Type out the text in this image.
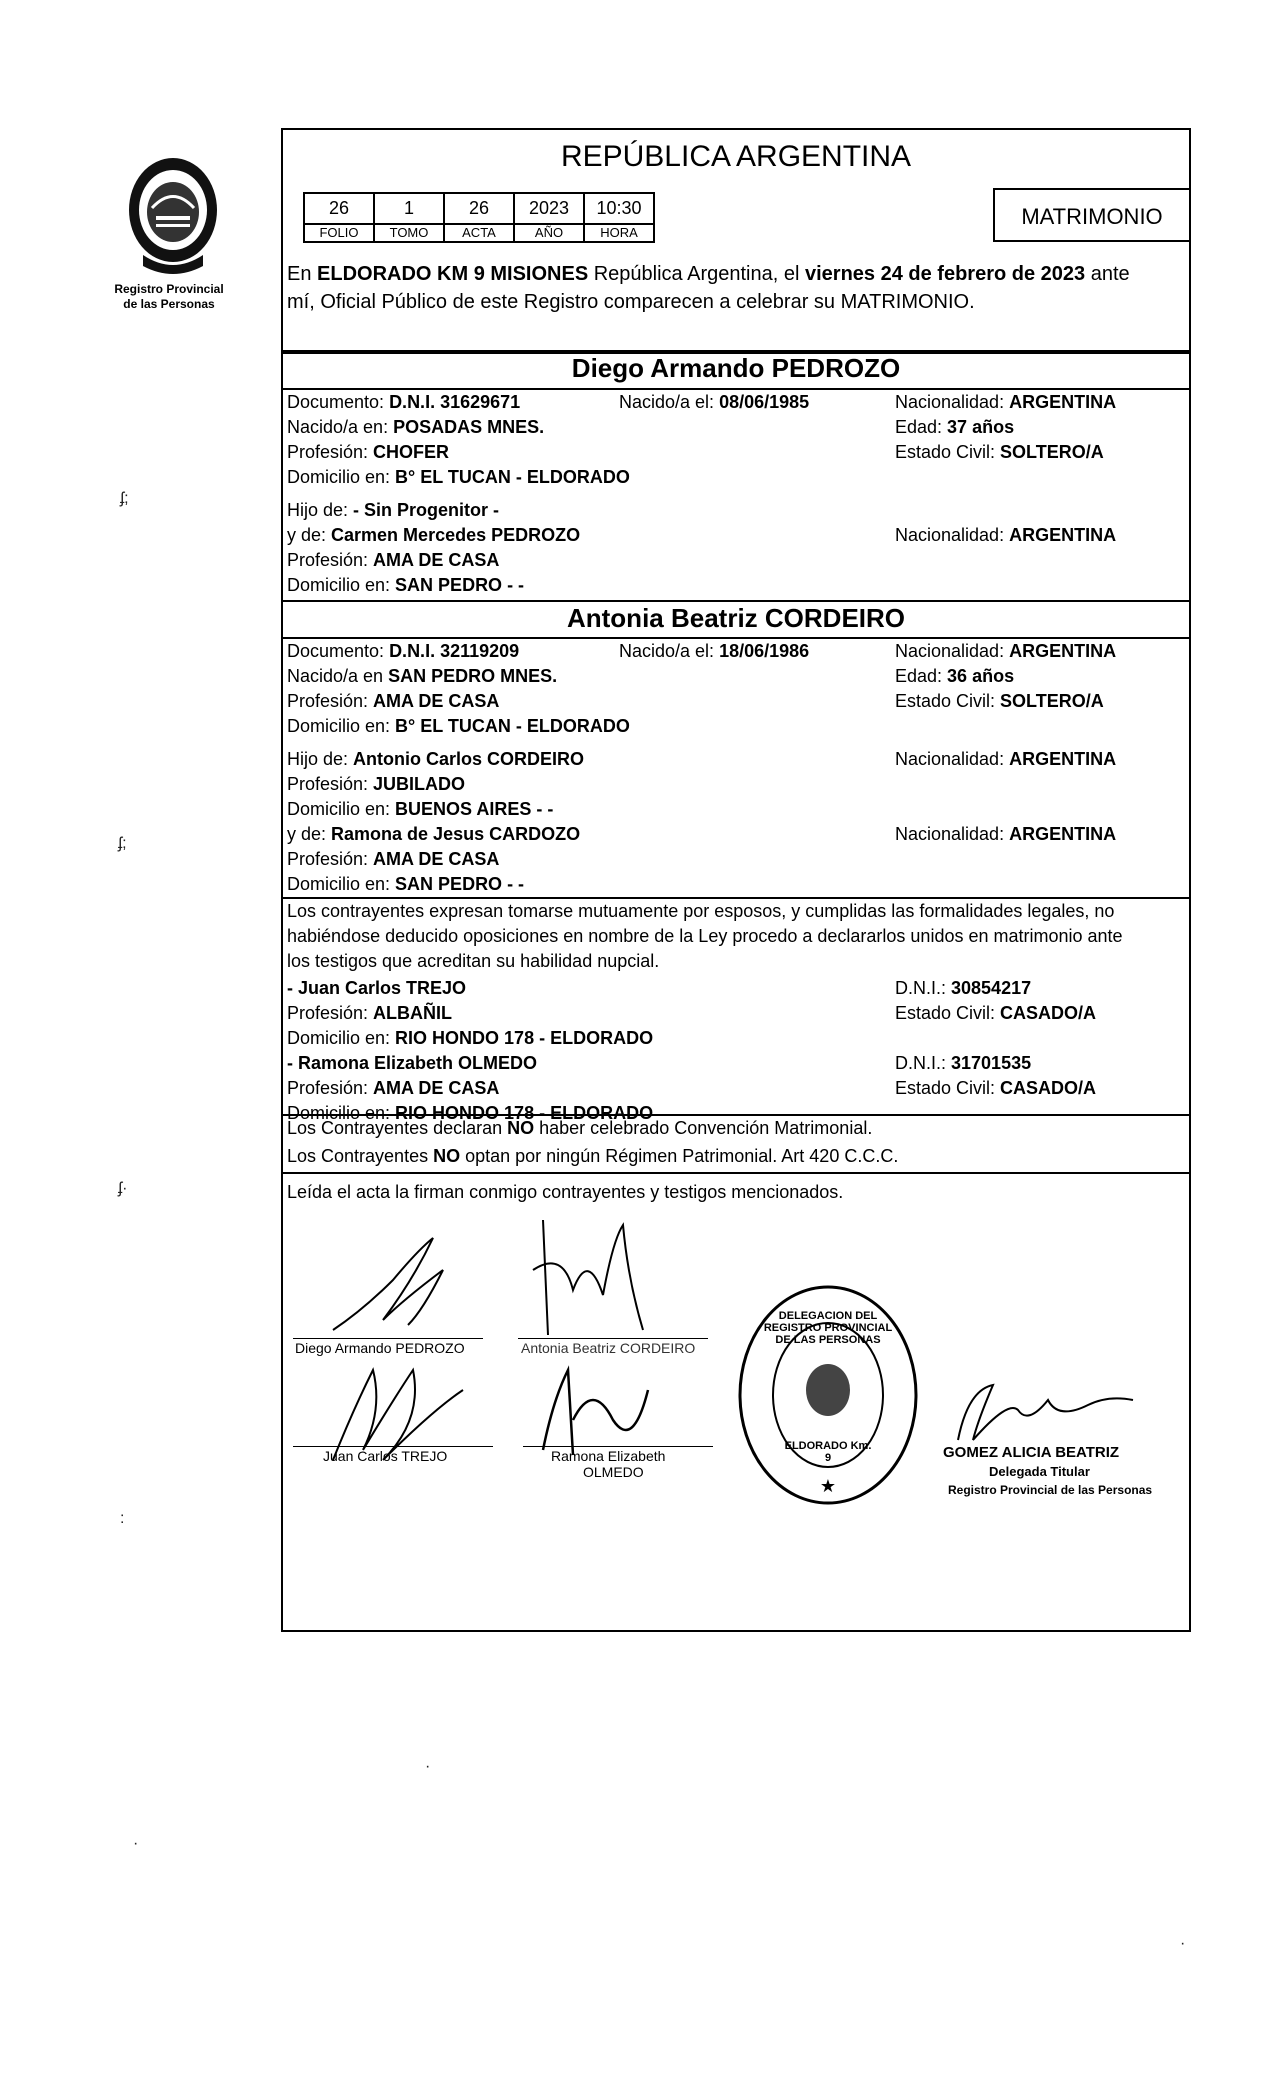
Registro Provincial
de las Personas
ʄ;
ʄ;
ʄ·
:
REPÚBLICA ARGENTINA
26	1	26	2023	10:30
FOLIO	TOMO	ACTA	AÑO	HORA
MATRIMONIO
En ELDORADO KM 9 MISIONES República Argentina, el viernes 24 de febrero de 2023 ante
mí, Oficial Público de este Registro comparecen a celebrar su MATRIMONIO.
Diego Armando PEDROZO
Documento: D.N.I. 31629671	Nacido/a el: 08/06/1985	Nacionalidad: ARGENTINA
Nacido/a en: POSADAS MNES.	Edad: 37 años
Profesión: CHOFER	Estado Civil: SOLTERO/A
Domicilio en: B° EL TUCAN - ELDORADO
Hijo de: - Sin Progenitor -
y de: Carmen Mercedes PEDROZO	Nacionalidad: ARGENTINA
Profesión: AMA DE CASA
Domicilio en: SAN PEDRO - -
Antonia Beatriz CORDEIRO
Documento: D.N.I. 32119209	Nacido/a el: 18/06/1986	Nacionalidad: ARGENTINA
Nacido/a en SAN PEDRO MNES.	Edad: 36 años
Profesión: AMA DE CASA	Estado Civil: SOLTERO/A
Domicilio en: B° EL TUCAN - ELDORADO
Hijo de: Antonio Carlos CORDEIRO	Nacionalidad: ARGENTINA
Profesión: JUBILADO
Domicilio en: BUENOS AIRES - -
y de: Ramona de Jesus CARDOZO	Nacionalidad: ARGENTINA
Profesión: AMA DE CASA
Domicilio en: SAN PEDRO - -
Los contrayentes expresan tomarse mutuamente por esposos, y cumplidas las formalidades legales, no
habiéndose deducido oposiciones en nombre de la Ley procedo a declararlos unidos en matrimonio ante
los testigos que acreditan su habilidad nupcial.
- Juan Carlos TREJO	D.N.I.: 30854217
Profesión: ALBAÑIL	Estado Civil: CASADO/A
Domicilio en: RIO HONDO 178 - ELDORADO
- Ramona Elizabeth OLMEDO	D.N.I.: 31701535
Profesión: AMA DE CASA	Estado Civil: CASADO/A
Domicilio en: RIO HONDO 178 - ELDORADO
Los Contrayentes declaran NO haber celebrado Convención Matrimonial.
Los Contrayentes NO optan por ningún Régimen Patrimonial. Art 420 C.C.C.
Leída el acta la firman conmigo contrayentes y testigos mencionados.
Diego Armando PEDROZO	Antonia Beatriz CORDEIRO
Juan Carlos TREJO	Ramona Elizabeth
OLMEDO
★
DELEGACION DEL REGISTRO PROVINCIAL DE LAS PERSONAS
ELDORADO Km. 9	GOMEZ ALICIA BEATRIZ
Delegada Titular
Registro Provincial de las Personas
·
·
·
